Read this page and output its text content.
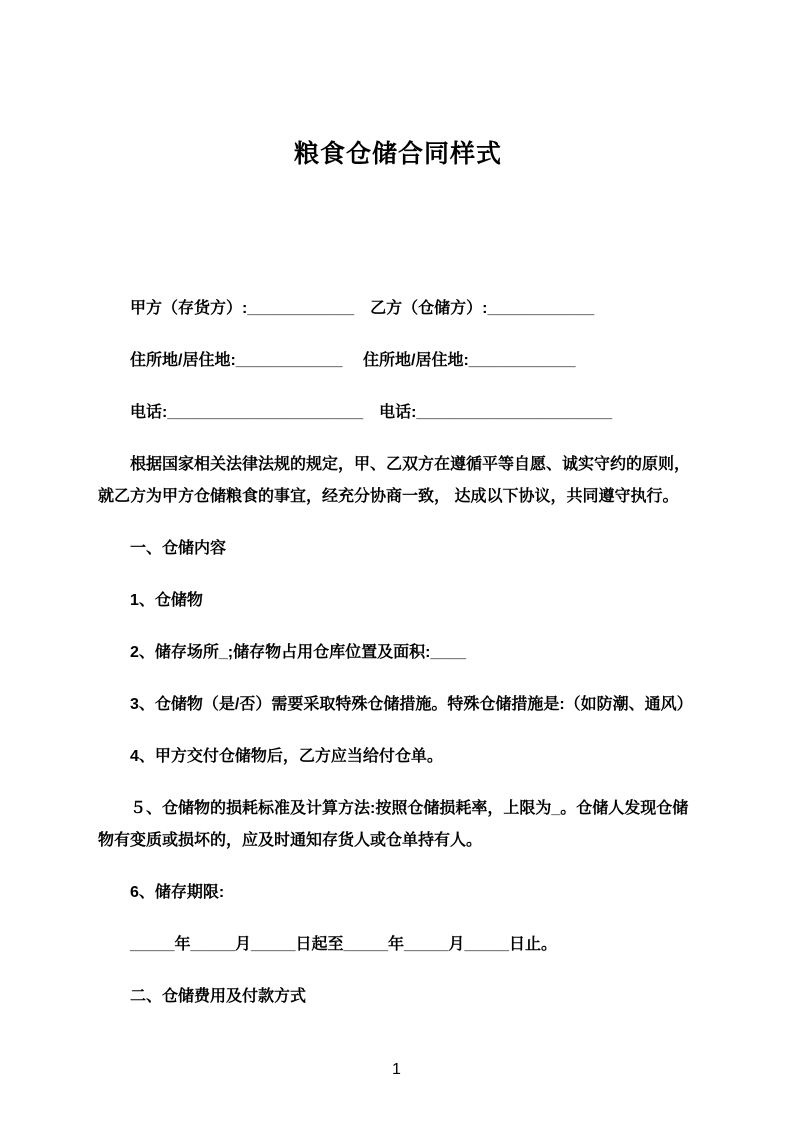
粮食仓储合同样式

甲方（存货方）:____________　乙方（仓储方）:____________

住所地/居住地:____________　 住所地/居住地:____________

电话:______________________　电话:______________________

根据国家相关法律法规的规定，甲、乙双方在遵循平等自愿、诚实守约的原则，就乙方为甲方仓储粮食的事宜，经充分协商一致， 达成以下协议，共同遵守执行。

一、仓储内容

1、仓储物

2、储存场所_;储存物占用仓库位置及面积:____

3、仓储物（是/否）需要采取特殊仓储措施。特殊仓储措施是:（如防潮、通风）

4、甲方交付仓储物后，乙方应当给付仓单。

５、仓储物的损耗标准及计算方法:按照仓储损耗率，上限为_。仓储人发现仓储物有变质或损坏的，应及时通知存货人或仓单持有人。

6、储存期限:

_____年_____月_____日起至_____年_____月_____日止。

二、仓储费用及付款方式

1
